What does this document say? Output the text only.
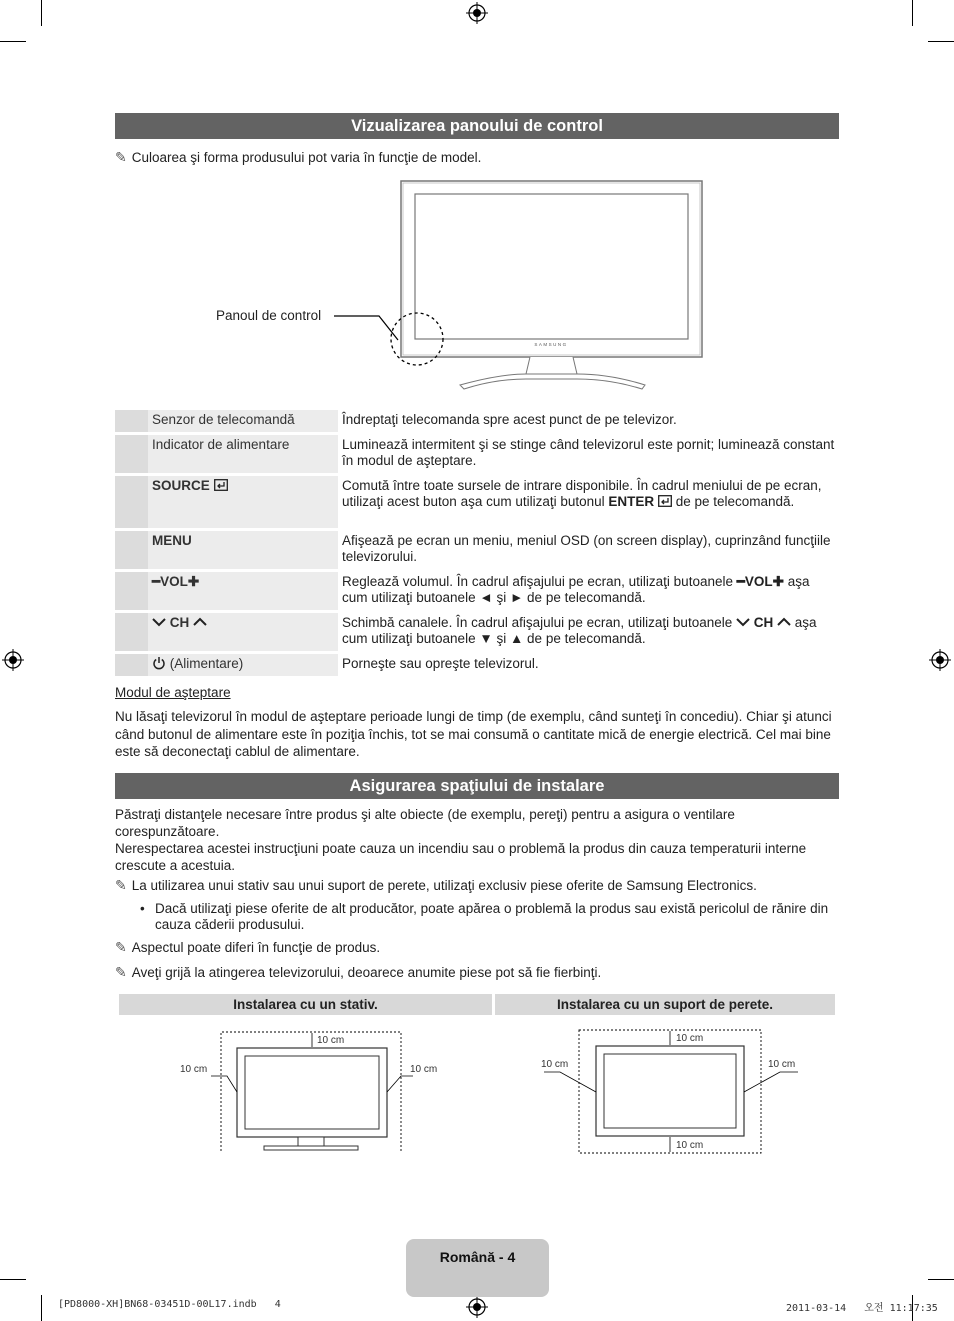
Vizualizarea panoului de control
✎ Culoarea şi forma produsului pot varia în funcţie de model.
SAMSUNG
Panoul de control
	Senzor de telecomandă	Îndreptaţi telecomanda spre acest punct de pe televizor.
	Indicator de alimentare	Luminează intermitent şi se stinge când televizorul este pornit; luminează constant în modul de aşteptare.
	SOURCE	Comută între toate sursele de intrare disponibile. În cadrul meniului de pe ecran, utilizaţi acest buton aşa cum utilizaţi butonul ENTER  de pe telecomandă.
	MENU	Afişează pe ecran un meniu, meniul OSD (on screen display), cuprinzând funcţiile televizorului.
	━VOL✚	Reglează volumul. În cadrul afişajului pe ecran, utilizaţi butoanele ━VOL✚ aşa cum utilizaţi butoanele ◄ şi ► de pe telecomandă.
	CH	Schimbă canalele. În cadrul afişajului pe ecran, utilizaţi butoanele  CH  aşa cum utilizaţi butoanele ▼ şi ▲ de pe telecomandă.
	(Alimentare)	Porneşte sau opreşte televizorul.
Modul de aşteptare
Nu lăsaţi televizorul în modul de aşteptare perioade lungi de timp (de exemplu, când sunteţi în concediu). Chiar şi atunci când butonul de alimentare este în poziţia închis, tot se mai consumă o cantitate mică de energie electrică. Cel mai bine este să deconectaţi cablul de alimentare.
Asigurarea spaţiului de instalare
Păstraţi distanţele necesare între produs şi alte obiecte (de exemplu, pereţi) pentru a asigura o ventilare corespunzătoare.
Nerespectarea acestei instrucţiuni poate cauza un incendiu sau o problemă la produs din cauza temperaturii interne crescute a acestuia.
✎ La utilizarea unui stativ sau unui suport de perete, utilizaţi exclusiv piese oferite de Samsung Electronics.
• Dacă utilizaţi piese oferite de alt producător, poate apărea o problemă la produs sau există pericolul de rănire din cauza căderii produsului.
✎ Aspectul poate diferi în funcţie de produs.
✎ Aveţi grijă la atingerea televizorului, deoarece anumite piese pot să fie fierbinţi.
Instalarea cu un stativ.	Instalarea cu un suport de perete.
10 cm
10 cm	10 cm
10 cm
10 cm	10 cm
10 cm
Română - 4
[PD8000-XH]BN68-03451D-00L17.indb   4	2011-03-14   오전 11:17:35
